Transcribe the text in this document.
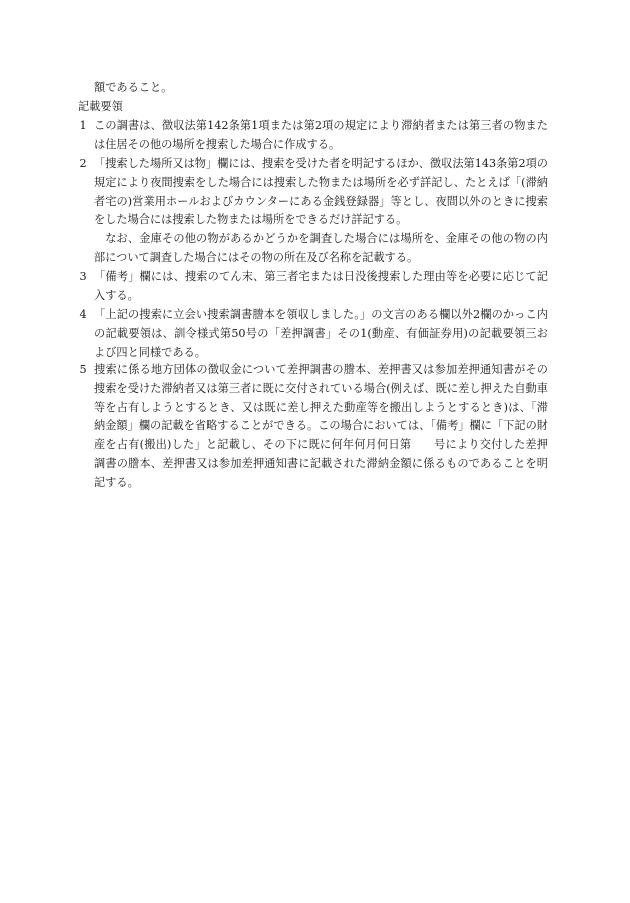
額であること。
記載要領
1 この調書は、徴収法第142条第1項または第2項の規定により滞納者または第三者の物または住居その他の場所を捜索した場合に作成する。
2 「捜索した場所又は物」欄には、捜索を受けた者を明記するほか、徴収法第143条第2項の規定により夜間捜索をした場合には捜索した物または場所を必ず詳記し、たとえば「(滞納者宅の)営業用ホールおよびカウンターにある金銭登録器」等とし、夜間以外のときに捜索をした場合には捜索した物または場所をできるだけ詳記する。
なお、金庫その他の物があるかどうかを調査した場合には場所を、金庫その他の物の内部について調査した場合にはその物の所在及び名称を記載する。
3 「備考」欄には、捜索のてん末、第三者宅または日没後捜索した理由等を必要に応じて記入する。
4 「上記の捜索に立会い捜索調書謄本を領収しました。」の文言のある欄以外2欄のかっこ内の記載要領は、訓令様式第50号の「差押調書」その1(動産、有価証券用)の記載要領三および四と同様である。
5 捜索に係る地方団体の徴収金について差押調書の謄本、差押書又は参加差押通知書がその捜索を受けた滞納者又は第三者に既に交付されている場合(例えば、既に差し押えた自動車等を占有しようとするとき、又は既に差し押えた動産等を搬出しようとするとき)は、「滞納金額」欄の記載を省略することができる。この場合においては、「備考」欄に「下記の財産を占有(搬出)した」と記載し、その下に既に何年何月何日第　　号により交付した差押調書の謄本、差押書又は参加差押通知書に記載された滞納金額に係るものであることを明記する。
